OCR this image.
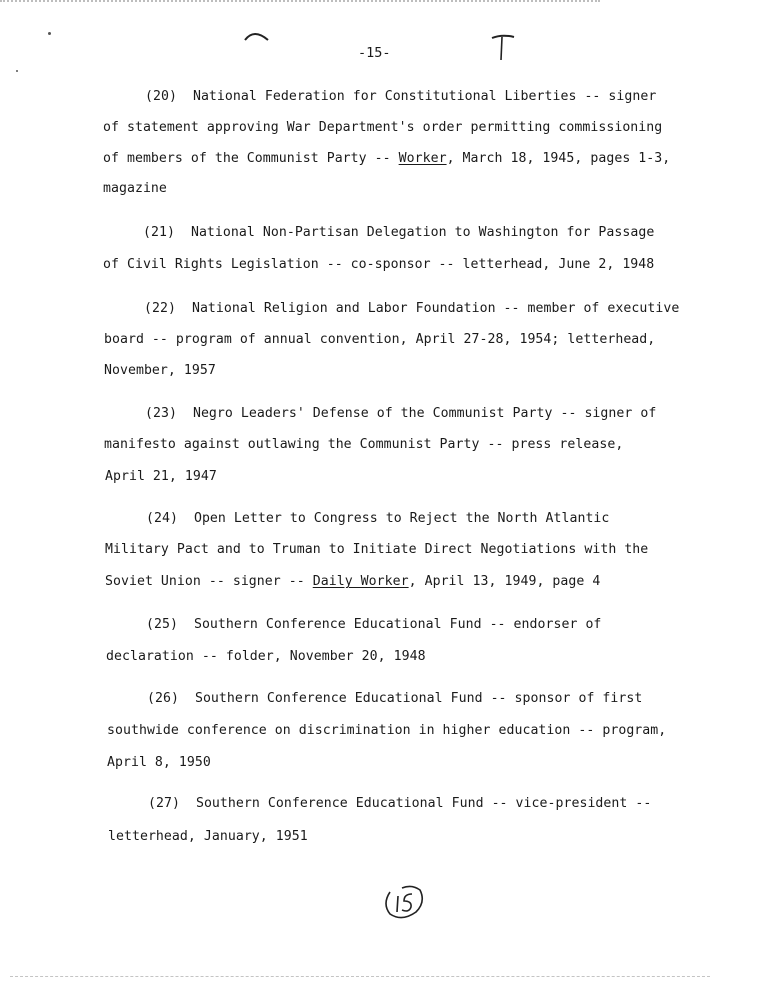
-15-
(20) National Federation for Constitutional Liberties -- signer
of statement approving War Department's order permitting commissioning
of members of the Communist Party -- Worker, March 18, 1945, pages 1-3,
magazine
(21) National Non-Partisan Delegation to Washington for Passage
of Civil Rights Legislation -- co-sponsor -- letterhead, June 2, 1948
(22) National Religion and Labor Foundation -- member of executive
board -- program of annual convention, April 27-28, 1954; letterhead,
November, 1957
(23) Negro Leaders' Defense of the Communist Party -- signer of
manifesto against outlawing the Communist Party -- press release,
April 21, 1947
(24) Open Letter to Congress to Reject the North Atlantic
Military Pact and to Truman to Initiate Direct Negotiations with the
Soviet Union -- signer -- Daily Worker, April 13, 1949, page 4
(25) Southern Conference Educational Fund -- endorser of
declaration -- folder, November 20, 1948
(26) Southern Conference Educational Fund -- sponsor of first
southwide conference on discrimination in higher education -- program,
April 8, 1950
(27) Southern Conference Educational Fund -- vice-president --
letterhead, January, 1951
